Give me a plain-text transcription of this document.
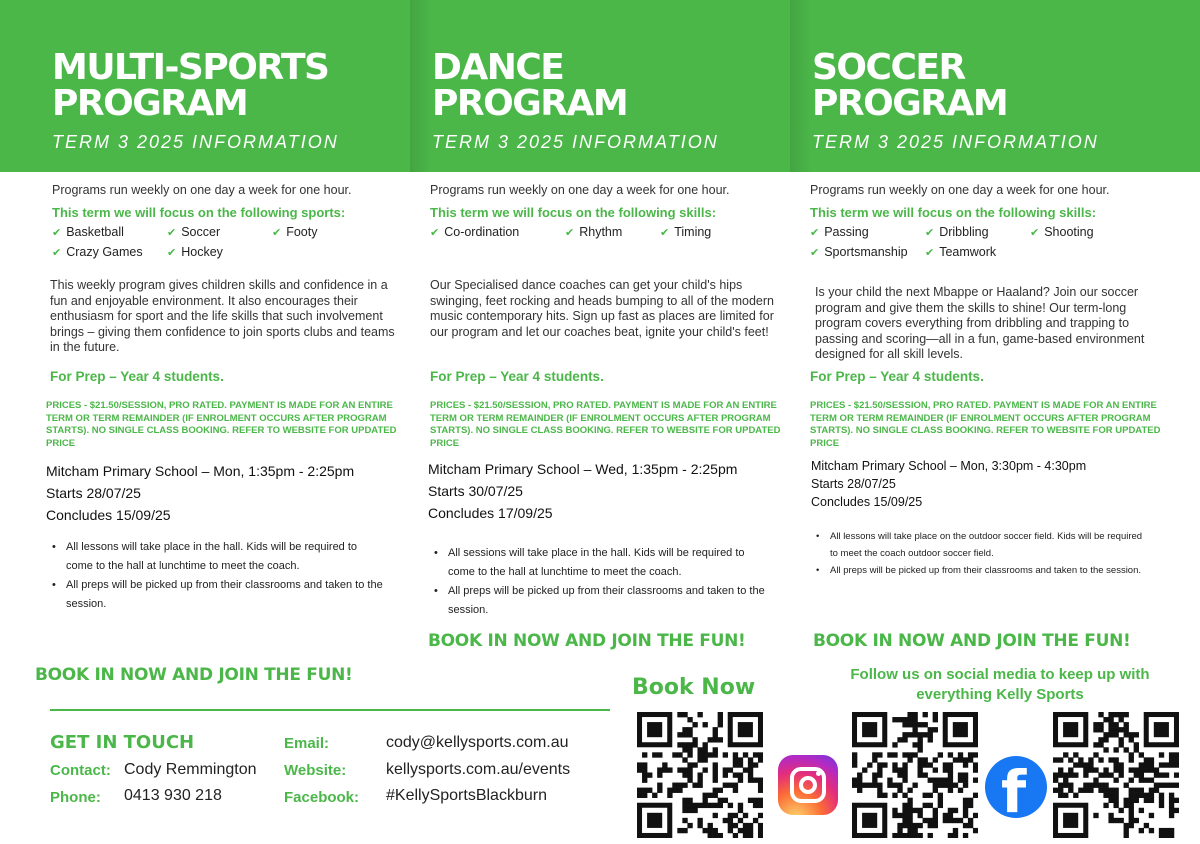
MULTI-SPORTS
PROGRAM
TERM 3 2025 INFORMATION
DANCE
PROGRAM
TERM 3 2025 INFORMATION
SOCCER
PROGRAM
TERM 3 2025 INFORMATION
Programs run weekly on one day a week for one hour.
This term we will focus on the following sports:
✔ Basketball	✔ Soccer	✔ Footy
✔ Crazy Games	✔ Hockey
This weekly program gives children skills and confidence in a fun and enjoyable environment. It also encourages their enthusiasm for sport and the life skills that such involvement brings – giving them confidence to join sports clubs and teams in the future.
For Prep – Year 4 students.
PRICES - $21.50/SESSION, PRO RATED. PAYMENT IS MADE FOR AN ENTIRE TERM OR TERM REMAINDER (IF ENROLMENT OCCURS AFTER PROGRAM STARTS). NO SINGLE CLASS BOOKING. REFER TO WEBSITE FOR UPDATED PRICE
Mitcham Primary School – Mon, 1:35pm - 2:25pm
Starts 28/07/25
Concludes 15/09/25
• All lessons will take place in the hall. Kids will be required to come to the hall at lunchtime to meet the coach.
• All preps will be picked up from their classrooms and taken to the session.
Programs run weekly on one day a week for one hour.
This term we will focus on the following skills:
✔ Co-ordination	✔ Rhythm	✔ Timing
Our Specialised dance coaches can get your child's hips swinging, feet rocking and heads bumping to all of the modern music contemporary hits. Sign up fast as places are limited for our program and let our coaches beat, ignite your child's feet!
For Prep – Year 4 students.
PRICES - $21.50/SESSION, PRO RATED. PAYMENT IS MADE FOR AN ENTIRE TERM OR TERM REMAINDER (IF ENROLMENT OCCURS AFTER PROGRAM STARTS). NO SINGLE CLASS BOOKING. REFER TO WEBSITE FOR UPDATED PRICE
Mitcham Primary School – Wed, 1:35pm - 2:25pm
Starts 30/07/25
Concludes 17/09/25
• All sessions will take place in the hall. Kids will be required to come to the hall at lunchtime to meet the coach.
• All preps will be picked up from their classrooms and taken to the session.
BOOK IN NOW AND JOIN THE FUN!
Programs run weekly on one day a week for one hour.
This term we will focus on the following skills:
✔ Passing	✔ Dribbling	✔ Shooting
✔ Sportsmanship	✔ Teamwork
Is your child the next Mbappe or Haaland? Join our soccer program and give them the skills to shine! Our term-long program covers everything from dribbling and trapping to passing and scoring—all in a fun, game-based environment designed for all skill levels.
For Prep – Year 4 students.
PRICES - $21.50/SESSION, PRO RATED. PAYMENT IS MADE FOR AN ENTIRE TERM OR TERM REMAINDER (IF ENROLMENT OCCURS AFTER PROGRAM STARTS). NO SINGLE CLASS BOOKING. REFER TO WEBSITE FOR UPDATED PRICE
Mitcham Primary School – Mon, 3:30pm - 4:30pm
Starts 28/07/25
Concludes 15/09/25
• All lessons will take place on the outdoor soccer field. Kids will be required to meet the coach outdoor soccer field.
• All preps will be picked up from their classrooms and taken to the session.
BOOK IN NOW AND JOIN THE FUN!
BOOK IN NOW AND JOIN THE FUN!	Book Now
Follow us on social media to keep up with everything Kelly Sports
GET IN TOUCH
Contact: Cody Remmington
Phone: 0413 930 218
Email:	cody@kellysports.com.au
Website: kellysports.com.au/events
Facebook: #KellySportsBlackburn	f
